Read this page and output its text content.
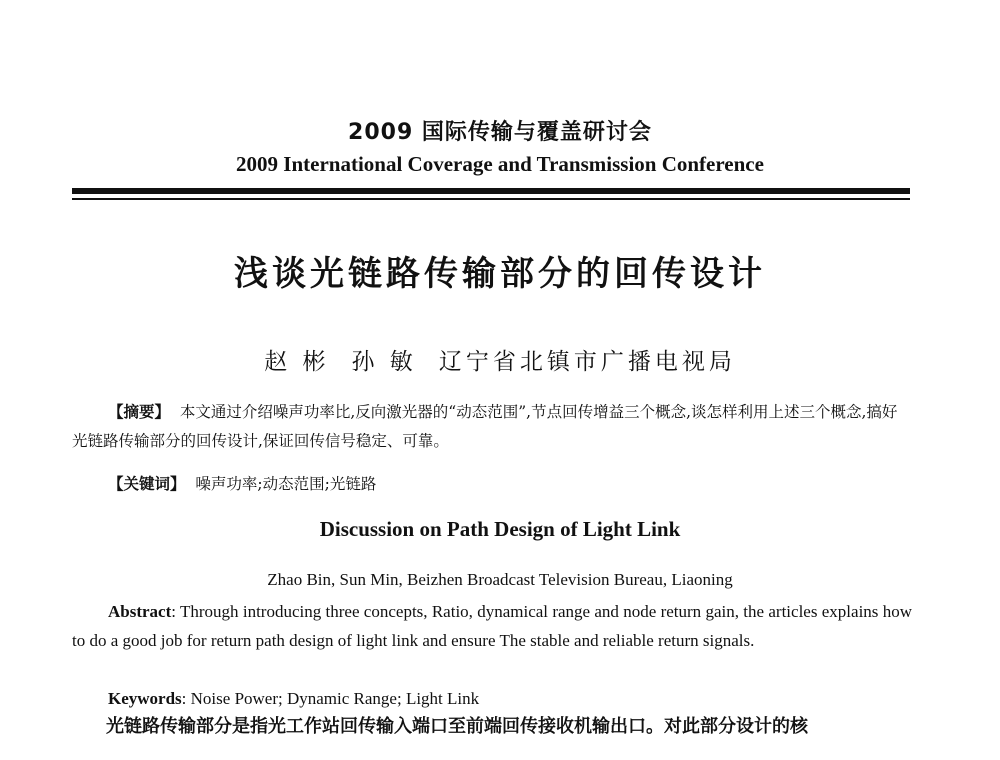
2009 国际传输与覆盖研讨会
2009 International Coverage and Transmission Conference
浅谈光链路传输部分的回传设计
赵 彬 孙 敏 辽宁省北镇市广播电视局
【摘要】 本文通过介绍噪声功率比,反向激光器的“动态范围”,节点回传增益三个概念,谈怎样利用上述三个概念,搞好光链路传输部分的回传设计,保证回传信号稳定、可靠。
【关键词】 噪声功率;动态范围;光链路
Discussion on Path Design of Light Link
Zhao Bin, Sun Min, Beizhen Broadcast Television Bureau, Liaoning
Abstract: Through introducing three concepts, Ratio, dynamical range and node return gain, the articles explains how to do a good job for return path design of light link and ensure The stable and reliable return signals.
Keywords: Noise Power; Dynamic Range; Light Link
光链路传输部分是指光工作站回传输入端口至前端回传接收机输出口。对此部分设计的核
